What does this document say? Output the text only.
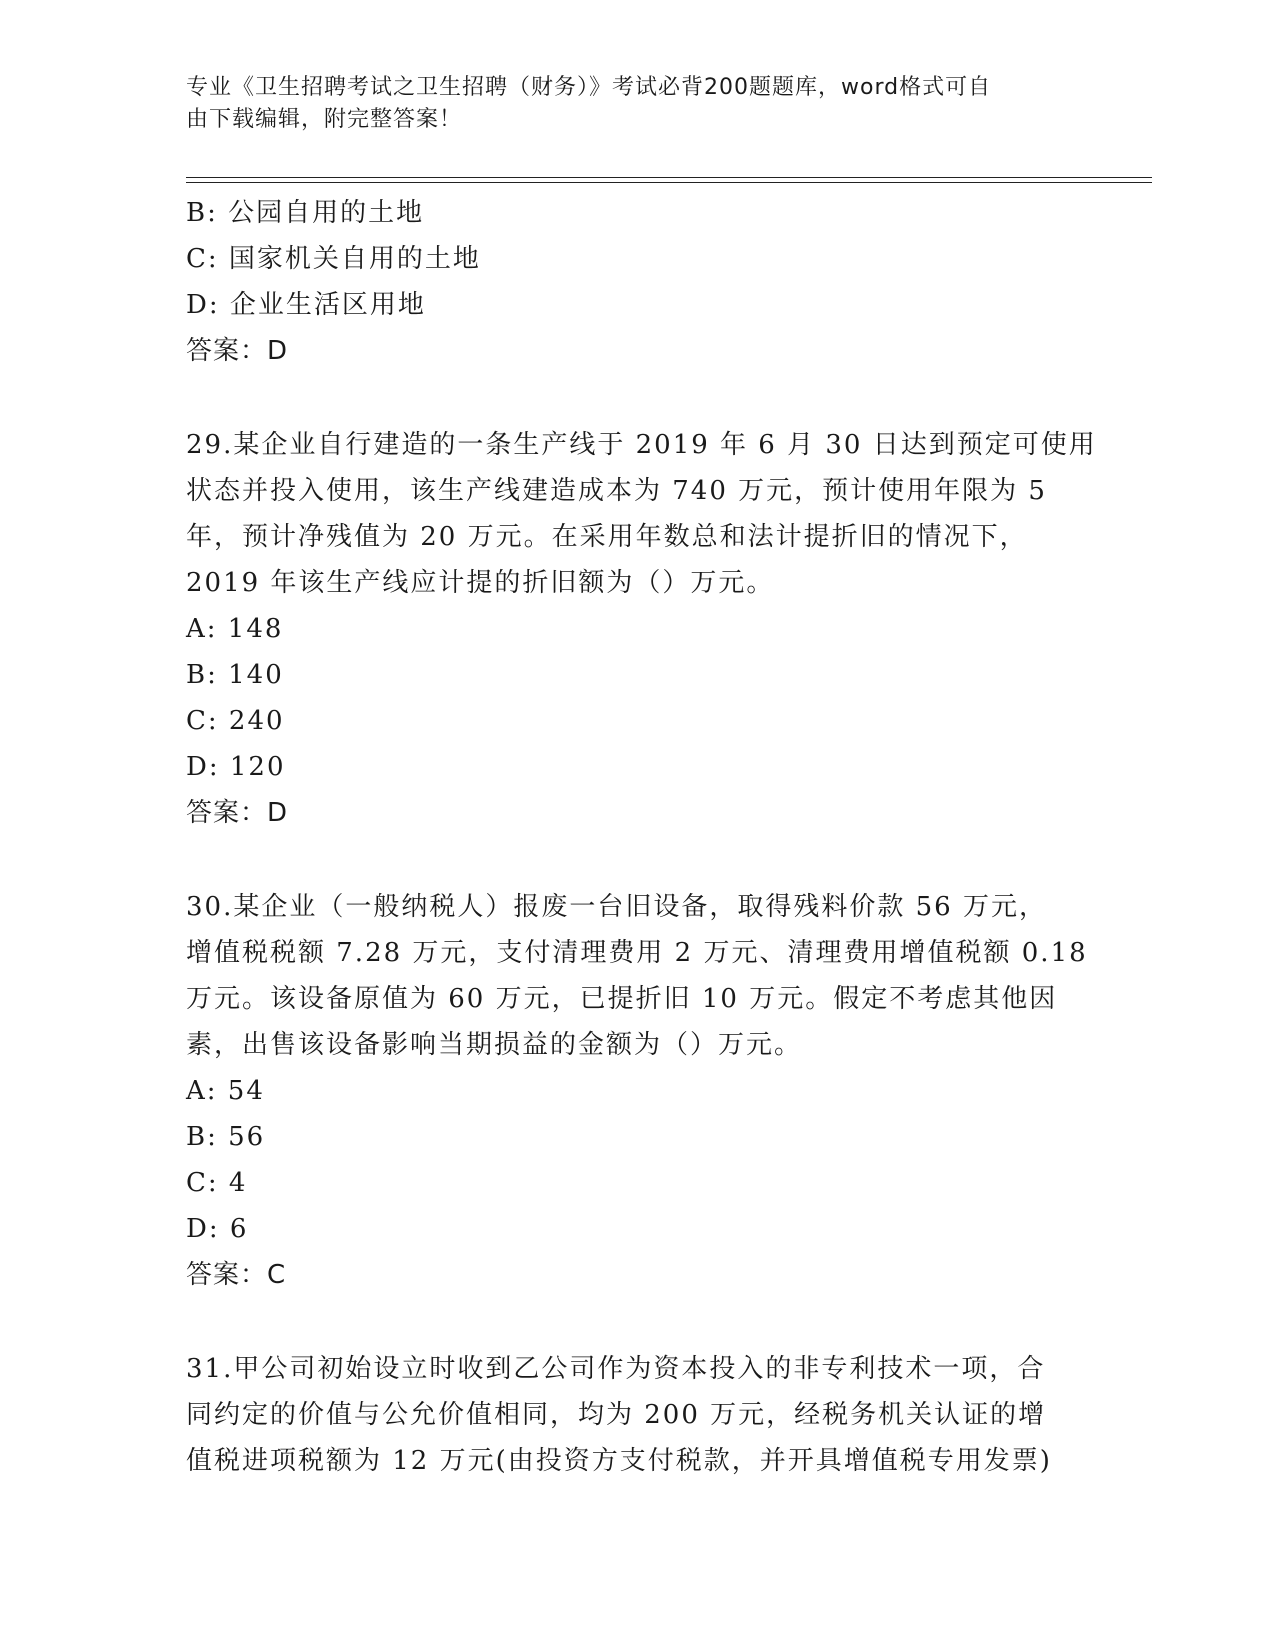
专业《卫生招聘考试之卫生招聘（财务）》考试必背200题题库，word格式可自
由下载编辑，附完整答案！
B: 公园自用的土地
C: 国家机关自用的土地
D: 企业生活区用地
答案：D
29.某企业自行建造的一条生产线于 2019 年 6 月 30 日达到预定可使用
状态并投入使用，该生产线建造成本为 740 万元，预计使用年限为 5
年，预计净残值为 20 万元。在采用年数总和法计提折旧的情况下，
2019 年该生产线应计提的折旧额为（）万元。
A: 148
B: 140
C: 240
D: 120
答案：D
30.某企业（一般纳税人）报废一台旧设备，取得残料价款 56 万元，
增值税税额 7.28 万元，支付清理费用 2 万元、清理费用增值税额 0.18
万元。该设备原值为 60 万元，已提折旧 10 万元。假定不考虑其他因
素，出售该设备影响当期损益的金额为（）万元。
A: 54
B: 56
C: 4
D: 6
答案：C
31.甲公司初始设立时收到乙公司作为资本投入的非专利技术一项，合
同约定的价值与公允价值相同，均为 200 万元，经税务机关认证的增
值税进项税额为 12 万元(由投资方支付税款，并开具增值税专用发票)
